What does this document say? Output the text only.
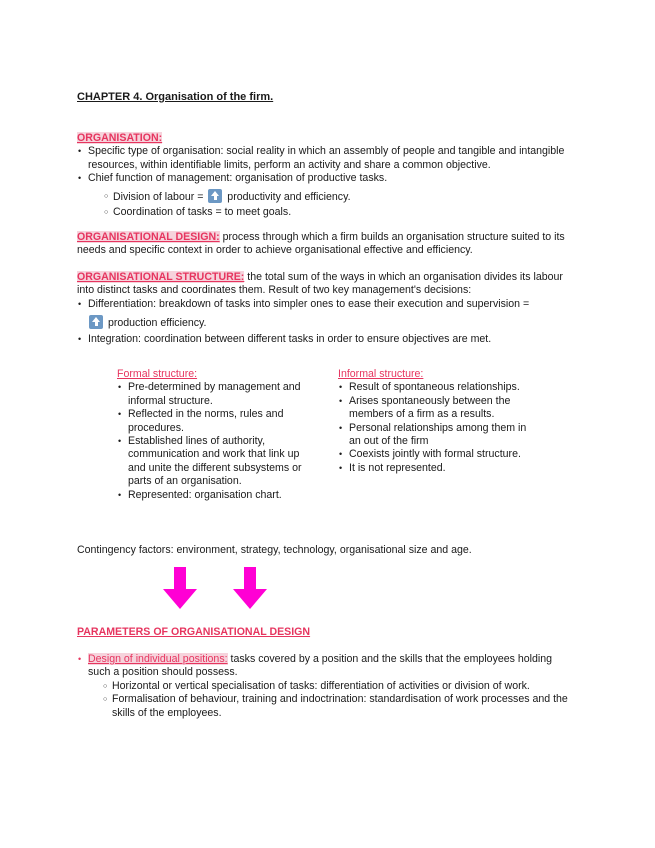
CHAPTER 4. Organisation of the firm.
ORGANISATION:
• Specific type of organisation: social reality in which an assembly of people and tangible and intangible resources, within identifiable limits, perform an activity and share a common objective.
• Chief function of management: organisation of productive tasks.
○ Division of labour = productivity and efficiency.
○ Coordination of tasks = to meet goals.
ORGANISATIONAL DESIGN: process through which a firm builds an organisation structure suited to its needs and specific context in order to achieve organisational effective and efficiency.
ORGANISATIONAL STRUCTURE: the total sum of the ways in which an organisation divides its labour into distinct tasks and coordinates them. Result of two key management's decisions:
• Differentiation: breakdown of tasks into simpler ones to ease their execution and supervision =
production efficiency.
• Integration: coordination between different tasks in order to ensure objectives are met.
Formal structure:
• Pre-determined by management and informal structure.
• Reflected in the norms, rules and procedures.
• Established lines of authority, communication and work that link up and unite the different subsystems or parts of an organisation.
• Represented: organisation chart.
Informal structure:
• Result of spontaneous relationships.
• Arises spontaneously between the members of a firm as a results.
• Personal relationships among them in an out of the firm
• Coexists jointly with formal structure.
• It is not represented.
Contingency factors: environment, strategy, technology, organisational size and age.
PARAMETERS OF ORGANISATIONAL DESIGN
• Design of individual positions: tasks covered by a position and the skills that the employees holding such a position should possess.
○ Horizontal or vertical specialisation of tasks: differentiation of activities or division of work.
○ Formalisation of behaviour, training and indoctrination: standardisation of work processes and the skills of the employees.
